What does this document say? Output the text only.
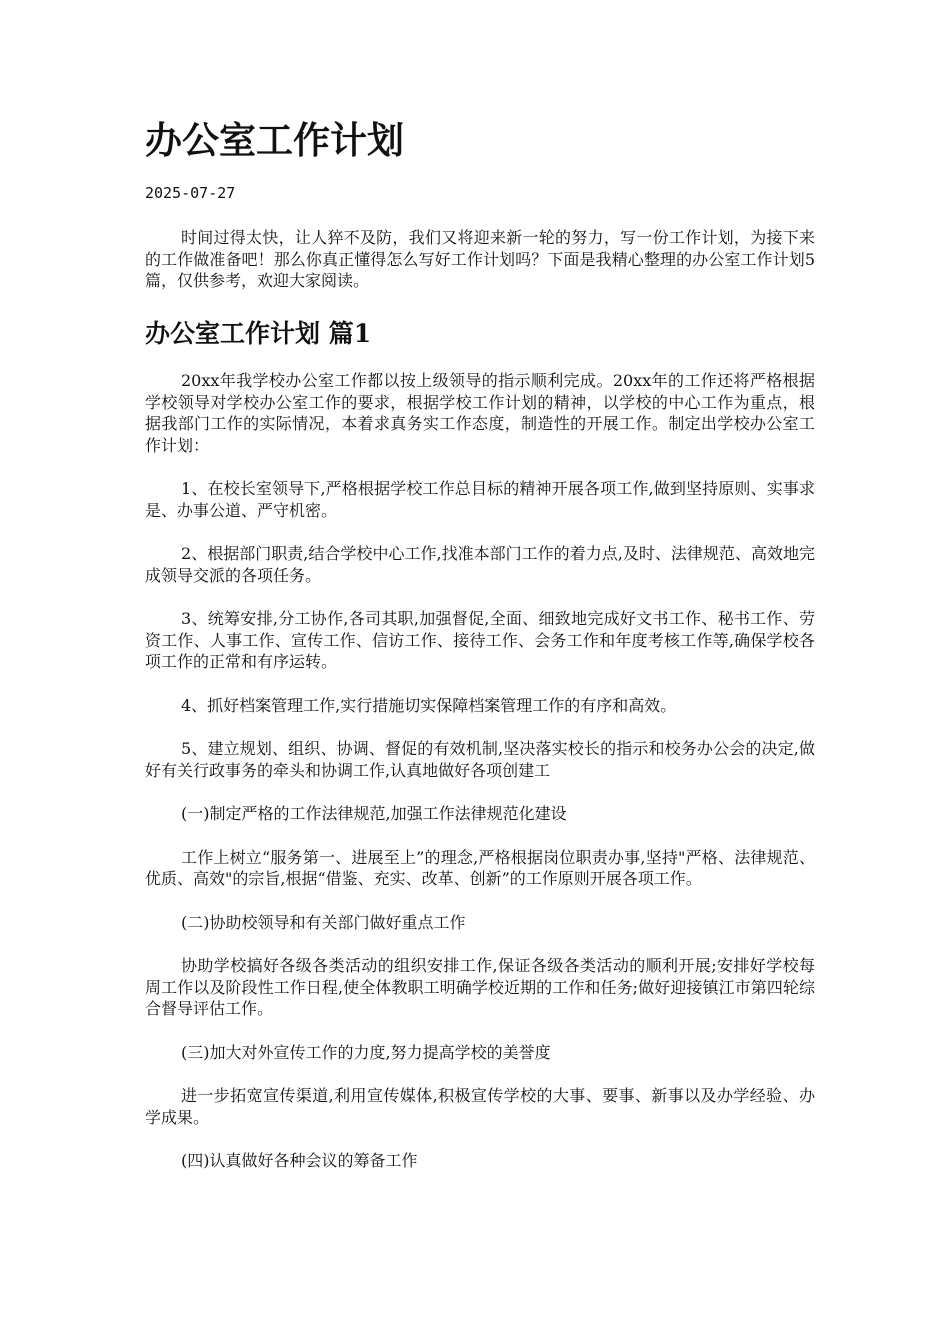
办公室工作计划
2025-07-27

时间过得太快，让人猝不及防，我们又将迎来新一轮的努力，写一份工作计划，为接下来的工作做准备吧！那么你真正懂得怎么写好工作计划吗？下面是我精心整理的办公室工作计划5篇，仅供参考，欢迎大家阅读。

办公室工作计划 篇1

20xx年我学校办公室工作都以按上级领导的指示顺利完成。20xx年的工作还将严格根据学校领导对学校办公室工作的要求，根据学校工作计划的精神，以学校的中心工作为重点，根据我部门工作的实际情况，本着求真务实工作态度，制造性的开展工作。制定出学校办公室工作计划：

1、在校长室领导下,严格根据学校工作总目标的精神开展各项工作,做到坚持原则、实事求是、办事公道、严守机密。

2、根据部门职责,结合学校中心工作,找准本部门工作的着力点,及时、法律规范、高效地完成领导交派的各项任务。

3、统筹安排,分工协作,各司其职,加强督促,全面、细致地完成好文书工作、秘书工作、劳资工作、人事工作、宣传工作、信访工作、接待工作、会务工作和年度考核工作等,确保学校各项工作的正常和有序运转。

4、抓好档案管理工作,实行措施切实保障档案管理工作的有序和高效。

5、建立规划、组织、协调、督促的有效机制,坚决落实校长的指示和校务办公会的决定,做好有关行政事务的牵头和协调工作,认真地做好各项创建工

(一)制定严格的工作法律规范,加强工作法律规范化建设

工作上树立“服务第一、进展至上”的理念,严格根据岗位职责办事,坚持"严格、法律规范、优质、高效"的宗旨,根据“借鉴、充实、改革、创新”的工作原则开展各项工作。

(二)协助校领导和有关部门做好重点工作

协助学校搞好各级各类活动的组织安排工作,保证各级各类活动的顺利开展;安排好学校每周工作以及阶段性工作日程,使全体教职工明确学校近期的工作和任务;做好迎接镇江市第四轮综合督导评估工作。

(三)加大对外宣传工作的力度,努力提高学校的美誉度

进一步拓宽宣传渠道,利用宣传媒体,积极宣传学校的大事、要事、新事以及办学经验、办学成果。

(四)认真做好各种会议的筹备工作
